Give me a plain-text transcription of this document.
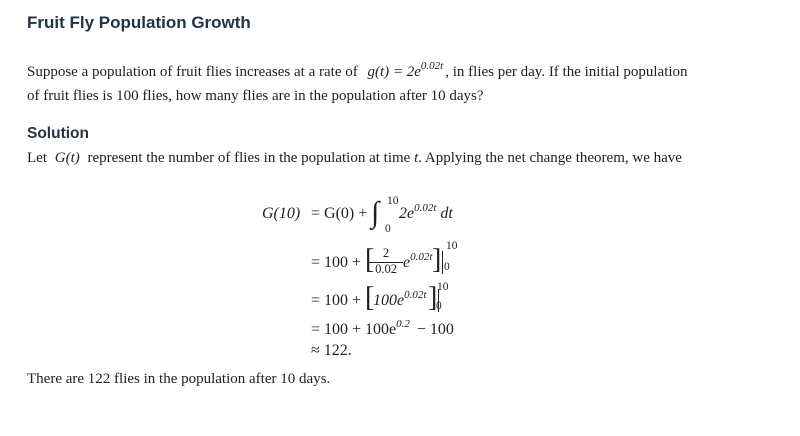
Fruit Fly Population Growth
Suppose a population of fruit flies increases at a rate of $g(t) = 2e^{0.02t}$ , in flies per day. If the initial population
of fruit flies is 100 flies, how many flies are in the population after 10 days?
Solution
Let G(t) represent the number of flies in the population at time t. Applying the net change theorem, we have
G(10) = G(0) + ∫ 10
0
$2e^{0.02t}$ dt
= 100 + [ 2
0.02 $e^{0.02t}$ ] 10
0
= 100 + [
$100e^{0.02t}$ ] 10
0
= $100 + 100e^{0.2} - 100$
≈ 122.
There are 122 flies in the population after 10 days.
